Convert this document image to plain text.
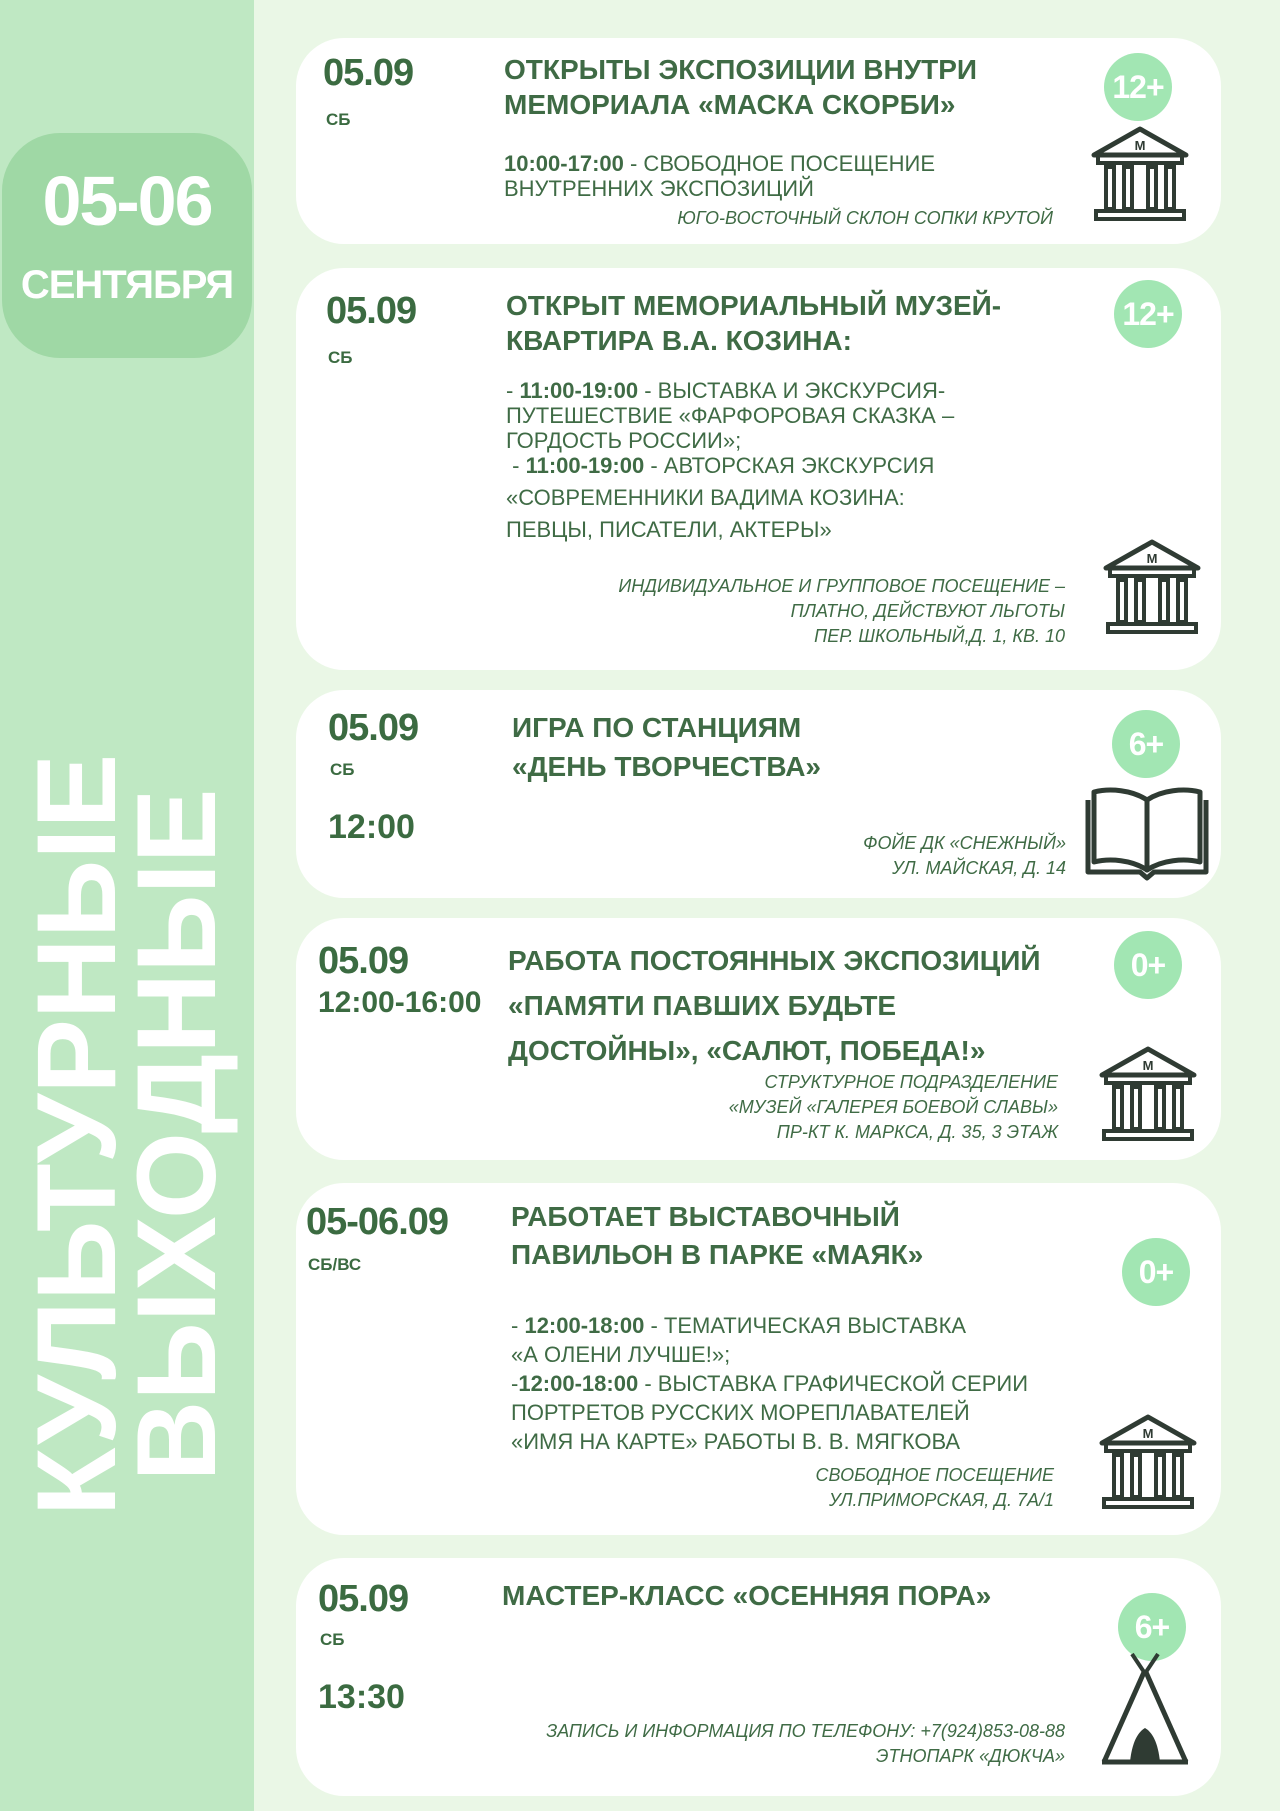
05-06
СЕНТЯБРЯ
КУЛЬТУРНЫЕ
ВЫХОДНЫЕ
05.09
СБ
ОТКРЫТЫ ЭКСПОЗИЦИИ ВНУТРИ
МЕМОРИАЛА «МАСКА СКОРБИ»
10:00-17:00 - СВОБОДНОЕ ПОСЕЩЕНИЕ
ВНУТРЕННИХ ЭКСПОЗИЦИЙ
ЮГО-ВОСТОЧНЫЙ СКЛОН СОПКИ КРУТОЙ
12+
M
05.09
СБ
ОТКРЫТ МЕМОРИАЛЬНЫЙ МУЗЕЙ-
КВАРТИРА В.А. КОЗИНА:
- 11:00-19:00 - ВЫСТАВКА И ЭКСКУРСИЯ-
ПУТЕШЕСТВИЕ «ФАРФОРОВАЯ СКАЗКА –
ГОРДОСТЬ РОССИИ»;
- 11:00-19:00 - АВТОРСКАЯ ЭКСКУРСИЯ
«СОВРЕМЕННИКИ ВАДИМА КОЗИНА:
ПЕВЦЫ, ПИСАТЕЛИ, АКТЕРЫ»
ИНДИВИДУАЛЬНОЕ И ГРУППОВОЕ ПОСЕЩЕНИЕ –
ПЛАТНО, ДЕЙСТВУЮТ ЛЬГОТЫ
ПЕР. ШКОЛЬНЫЙ,Д. 1, КВ. 10
12+
M
05.09
СБ
12:00
ИГРА ПО СТАНЦИЯМ
«ДЕНЬ ТВОРЧЕСТВА»
ФОЙЕ ДК «СНЕЖНЫЙ»
УЛ. МАЙСКАЯ, Д. 14
6+
05.09
12:00-16:00
РАБОТА ПОСТОЯННЫХ ЭКСПОЗИЦИЙ
«ПАМЯТИ ПАВШИХ БУДЬТЕ
ДОСТОЙНЫ», «САЛЮТ, ПОБЕДА!»
СТРУКТУРНОЕ ПОДРАЗДЕЛЕНИЕ
«МУЗЕЙ «ГАЛЕРЕЯ БОЕВОЙ СЛАВЫ»
ПР-КТ К. МАРКСА, Д. 35, 3 ЭТАЖ
0+
M
05-06.09
СБ/ВС
РАБОТАЕТ ВЫСТАВОЧНЫЙ
ПАВИЛЬОН В ПАРКЕ «МАЯК»
- 12:00-18:00 - ТЕМАТИЧЕСКАЯ ВЫСТАВКА
«А ОЛЕНИ ЛУЧШЕ!»;
-12:00-18:00 - ВЫСТАВКА ГРАФИЧЕСКОЙ СЕРИИ
ПОРТРЕТОВ РУССКИХ МОРЕПЛАВАТЕЛЕЙ
«ИМЯ НА КАРТЕ» РАБОТЫ В. В. МЯГКОВА
СВОБОДНОЕ ПОСЕЩЕНИЕ
УЛ.ПРИМОРСКАЯ, Д. 7А/1
0+
M
05.09
СБ
13:30
МАСТЕР-КЛАСС «ОСЕННЯЯ ПОРА»
ЗАПИСЬ И ИНФОРМАЦИЯ ПО ТЕЛЕФОНУ: +7(924)853-08-88
ЭТНОПАРК «ДЮКЧА»
6+
